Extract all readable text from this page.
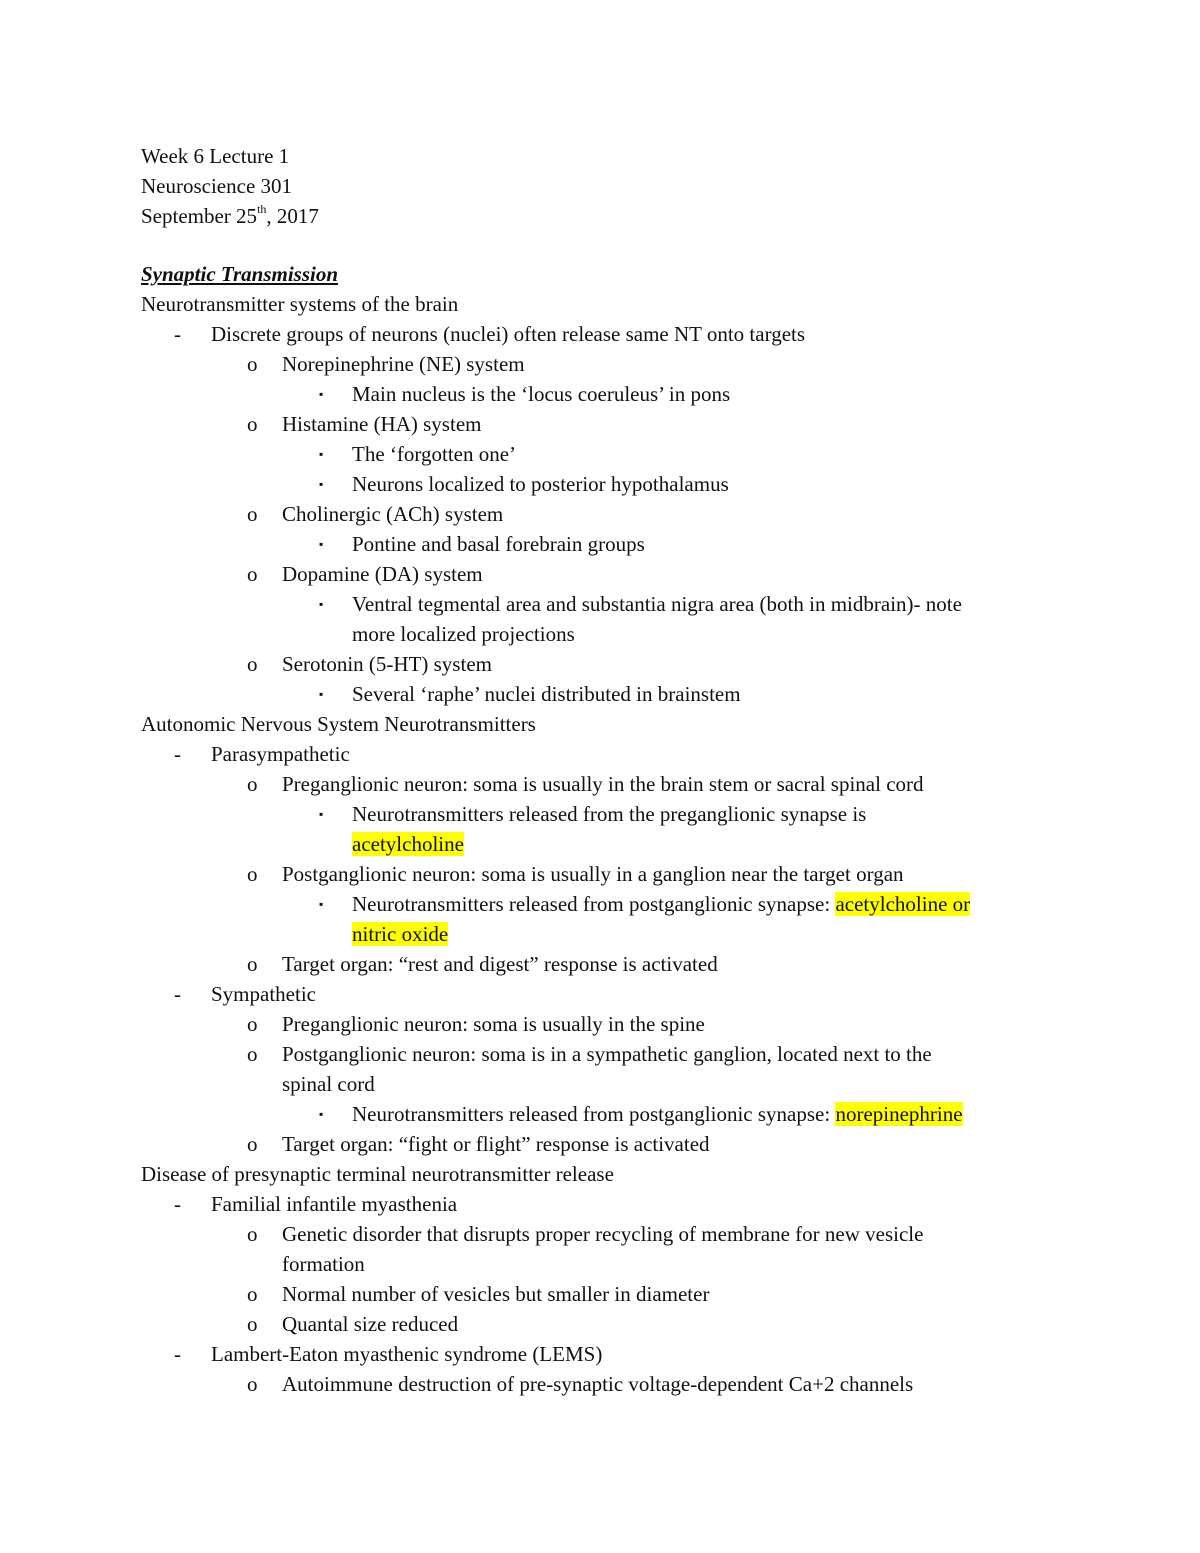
Week 6 Lecture 1
Neuroscience 301
September 25th, 2017
Synaptic Transmission
Neurotransmitter systems of the brain
- Discrete groups of neurons (nuclei) often release same NT onto targets
o Norepinephrine (NE) system
▪ Main nucleus is the ‘locus coeruleus’ in pons
o Histamine (HA) system
▪ The ‘forgotten one’
▪ Neurons localized to posterior hypothalamus
o Cholinergic (ACh) system
▪ Pontine and basal forebrain groups
o Dopamine (DA) system
▪ Ventral tegmental area and substantia nigra area (both in midbrain)- note
more localized projections
o Serotonin (5-HT) system
▪ Several ‘raphe’ nuclei distributed in brainstem
Autonomic Nervous System Neurotransmitters
- Parasympathetic
o Preganglionic neuron: soma is usually in the brain stem or sacral spinal cord
▪ Neurotransmitters released from the preganglionic synapse is
acetylcholine
o Postganglionic neuron: soma is usually in a ganglion near the target organ
▪ Neurotransmitters released from postganglionic synapse: acetylcholine or
nitric oxide
o Target organ: “rest and digest” response is activated
- Sympathetic
o Preganglionic neuron: soma is usually in the spine
o Postganglionic neuron: soma is in a sympathetic ganglion, located next to the
spinal cord
▪ Neurotransmitters released from postganglionic synapse: norepinephrine
o Target organ: “fight or flight” response is activated
Disease of presynaptic terminal neurotransmitter release
- Familial infantile myasthenia
o Genetic disorder that disrupts proper recycling of membrane for new vesicle
formation
o Normal number of vesicles but smaller in diameter
o Quantal size reduced
- Lambert-Eaton myasthenic syndrome (LEMS)
o Autoimmune destruction of pre-synaptic voltage-dependent Ca+2 channels
